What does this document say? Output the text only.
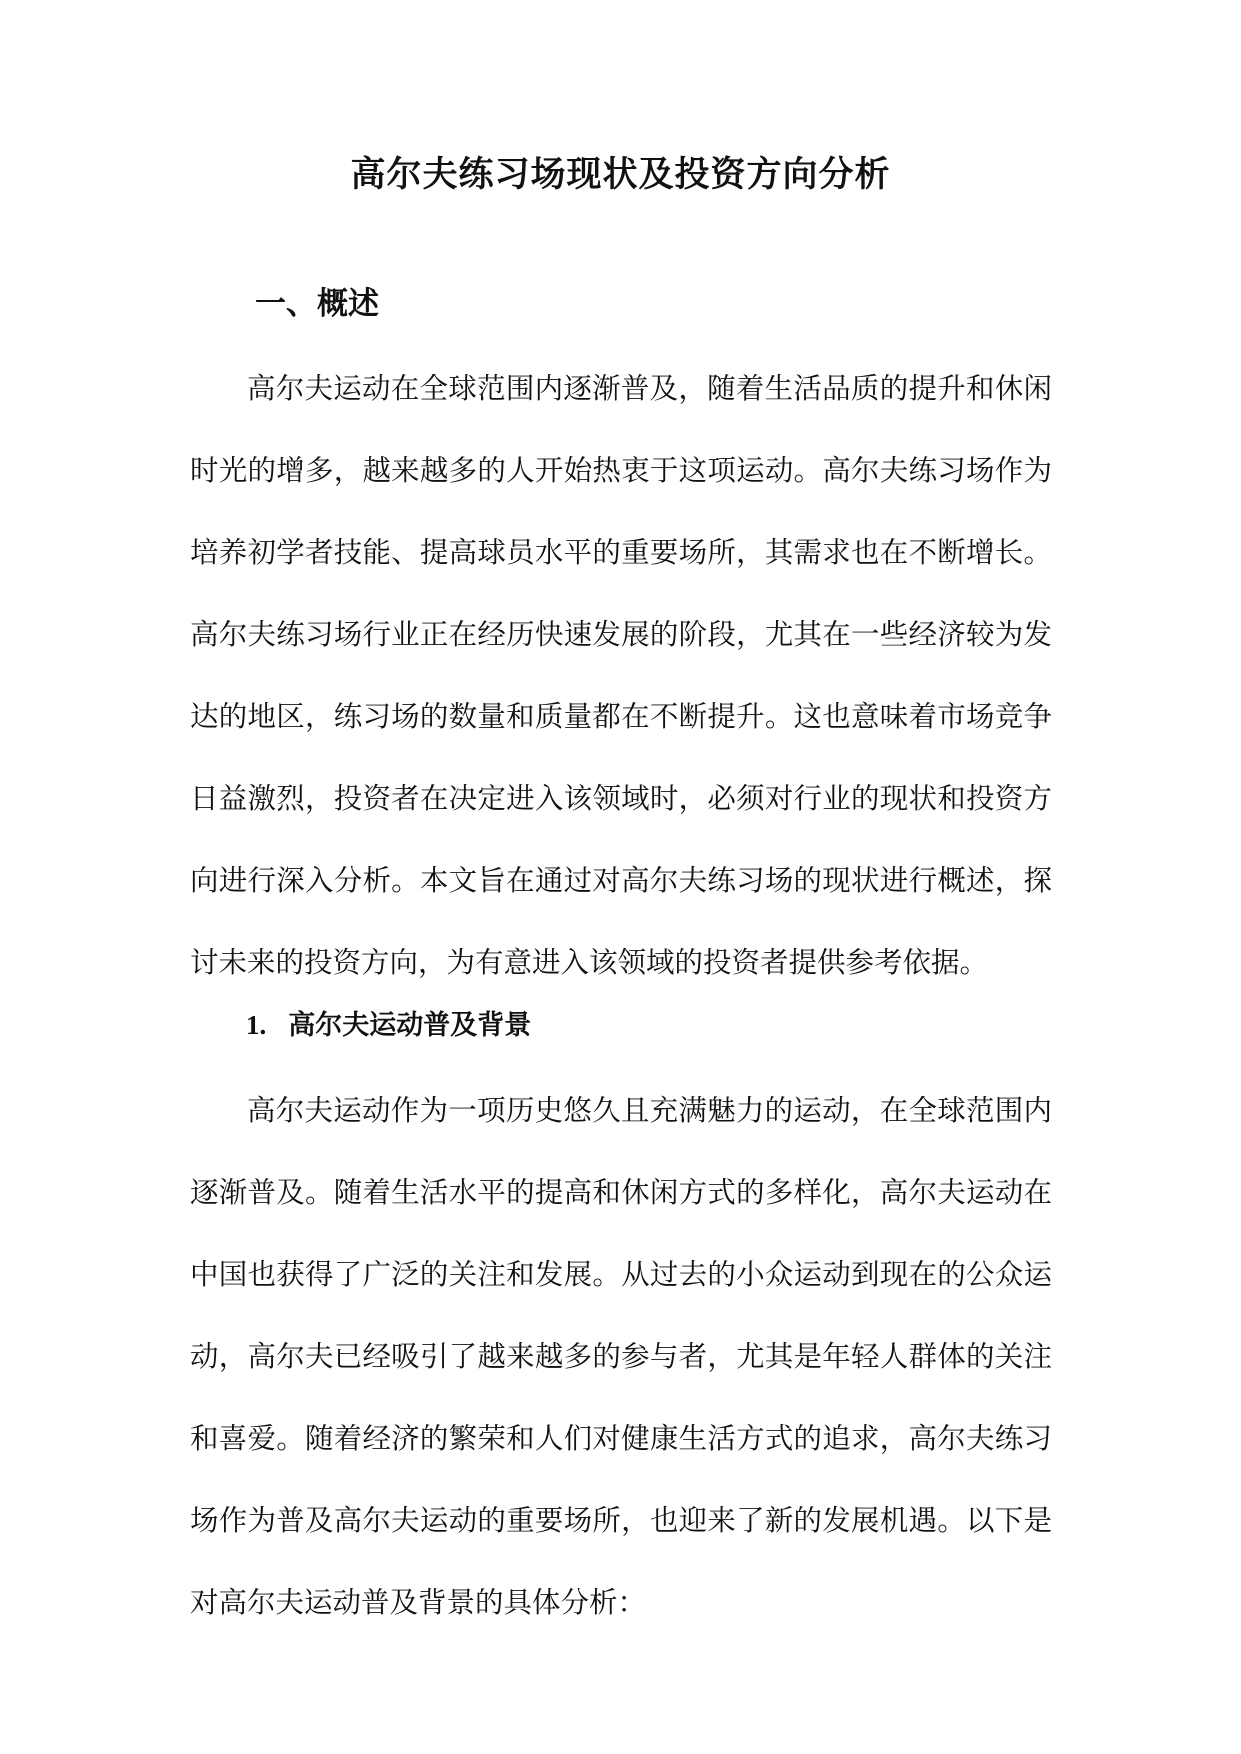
高尔夫练习场现状及投资方向分析
一、概述

高尔夫运动在全球范围内逐渐普及，随着生活品质的提升和休闲时光的增多，越来越多的人开始热衷于这项运动。高尔夫练习场作为培养初学者技能、提高球员水平的重要场所，其需求也在不断增长。高尔夫练习场行业正在经历快速发展的阶段，尤其在一些经济较为发达的地区，练习场的数量和质量都在不断提升。这也意味着市场竞争日益激烈，投资者在决定进入该领域时，必须对行业的现状和投资方向进行深入分析。本文旨在通过对高尔夫练习场的现状进行概述，探讨未来的投资方向，为有意进入该领域的投资者提供参考依据。

1. 高尔夫运动普及背景

高尔夫运动作为一项历史悠久且充满魅力的运动，在全球范围内逐渐普及。随着生活水平的提高和休闲方式的多样化，高尔夫运动在中国也获得了广泛的关注和发展。从过去的小众运动到现在的公众运动，高尔夫已经吸引了越来越多的参与者，尤其是年轻人群体的关注和喜爱。随着经济的繁荣和人们对健康生活方式的追求，高尔夫练习场作为普及高尔夫运动的重要场所，也迎来了新的发展机遇。以下是对高尔夫运动普及背景的具体分析：
